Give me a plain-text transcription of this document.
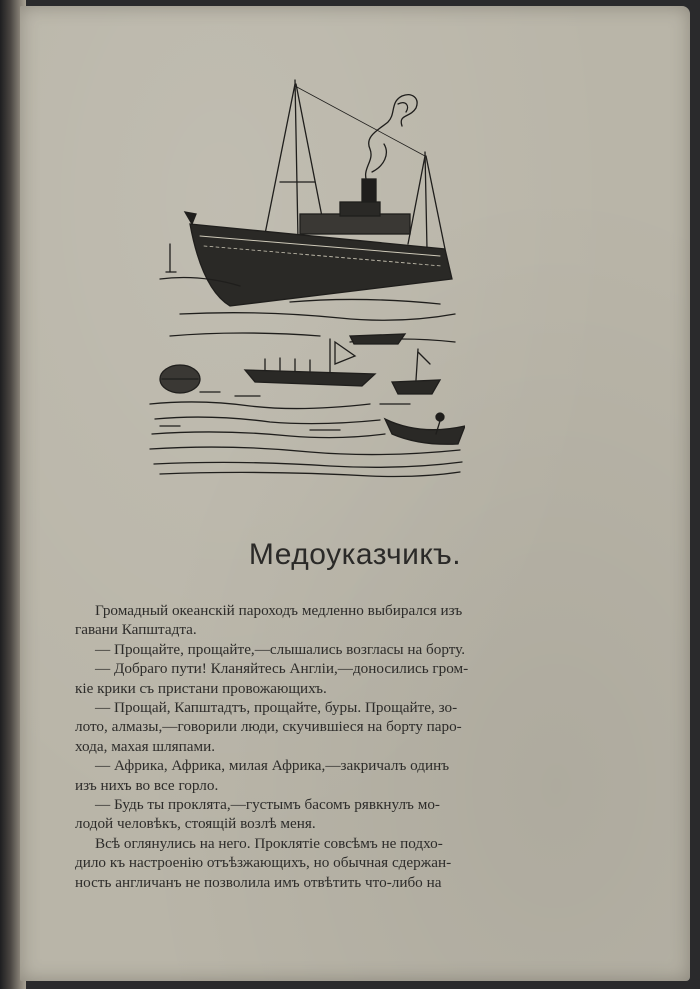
Медоуказчикъ.

Громадный океанскій пароходъ медленно выбирался изъ

гавани Капштадта.

— Прощайте, прощайте,—слышались возгласы на борту.

— Добраго пути! Кланяйтесь Англіи,—доносились гром-

кіе крики съ пристани провожающихъ.

— Прощай, Капштадтъ, прощайте, буры. Прощайте, зо-

лото, алмазы,—говорили люди, скучившіеся на борту паро-

хода, махая шляпами.

— Африка, Африка, милая Африка,—закричалъ одинъ

изъ нихъ во все горло.

— Будь ты проклята,—густымъ басомъ рявкнулъ мо-

лодой человѣкъ, стоящій возлѣ меня.

Всѣ оглянулись на него. Проклятіе совсѣмъ не подхо-

дило къ настроенію отъѣзжающихъ, но обычная сдержан-

ность англичанъ не позволила имъ отвѣтить что-либо на
